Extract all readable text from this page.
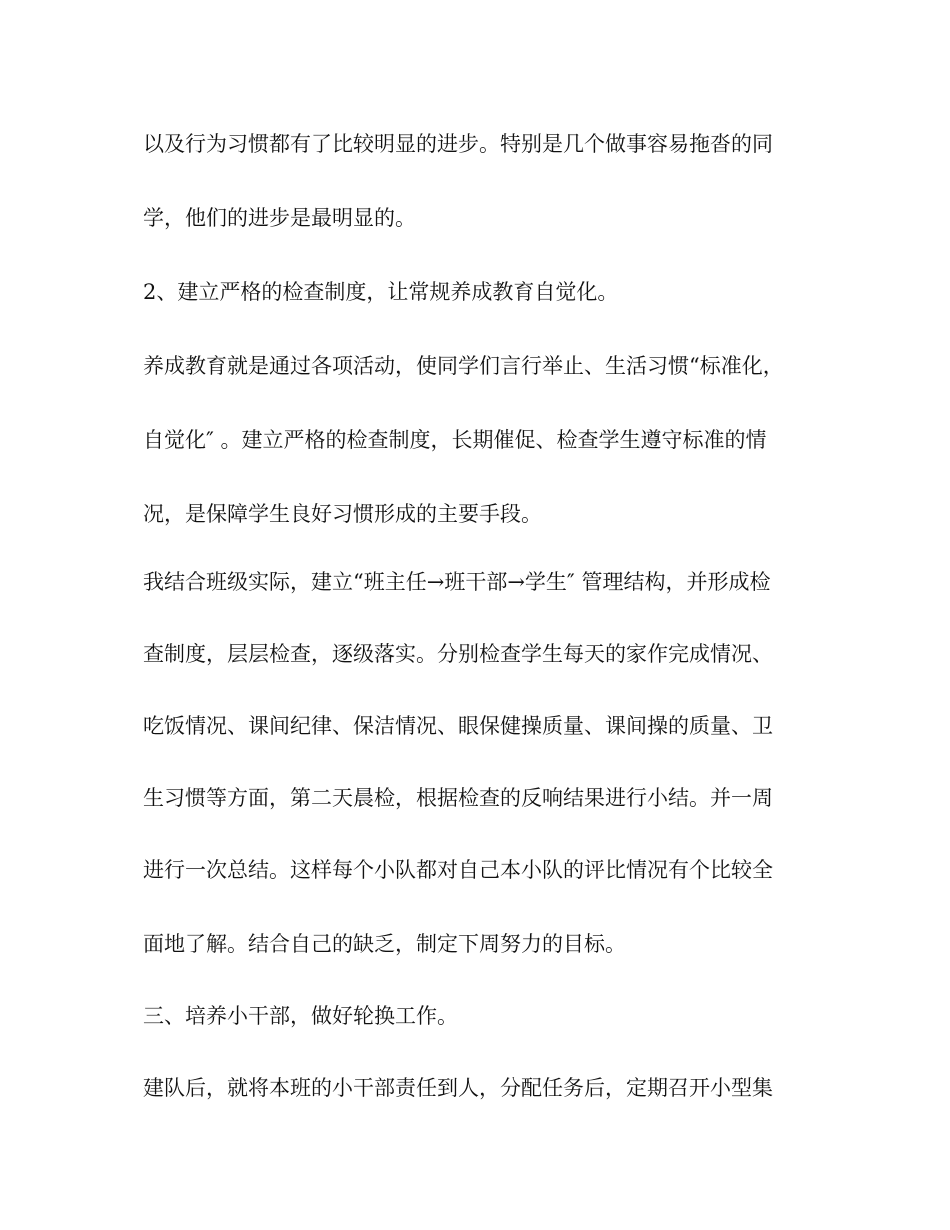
以及行为习惯都有了比较明显的进步。特别是几个做事容易拖沓的同
学，他们的进步是最明显的。
2、建立严格的检查制度，让常规养成教育自觉化。
养成教育就是通过各项活动，使同学们言行举止、生活习惯“标准化，
自觉化″ 。建立严格的检查制度，长期催促、检查学生遵守标准的情
况，是保障学生良好习惯形成的主要手段。
我结合班级实际，建立“班主任→班干部→学生″ 管理结构，并形成检
查制度，层层检查，逐级落实。分别检查学生每天的家作完成情况、
吃饭情况、课间纪律、保洁情况、眼保健操质量、课间操的质量、卫
生习惯等方面，第二天晨检，根据检查的反响结果进行小结。并一周
进行一次总结。这样每个小队都对自己本小队的评比情况有个比较全
面地了解。结合自己的缺乏，制定下周努力的目标。
三、培养小干部，做好轮换工作。
建队后，就将本班的小干部责任到人，分配任务后，定期召开小型集
